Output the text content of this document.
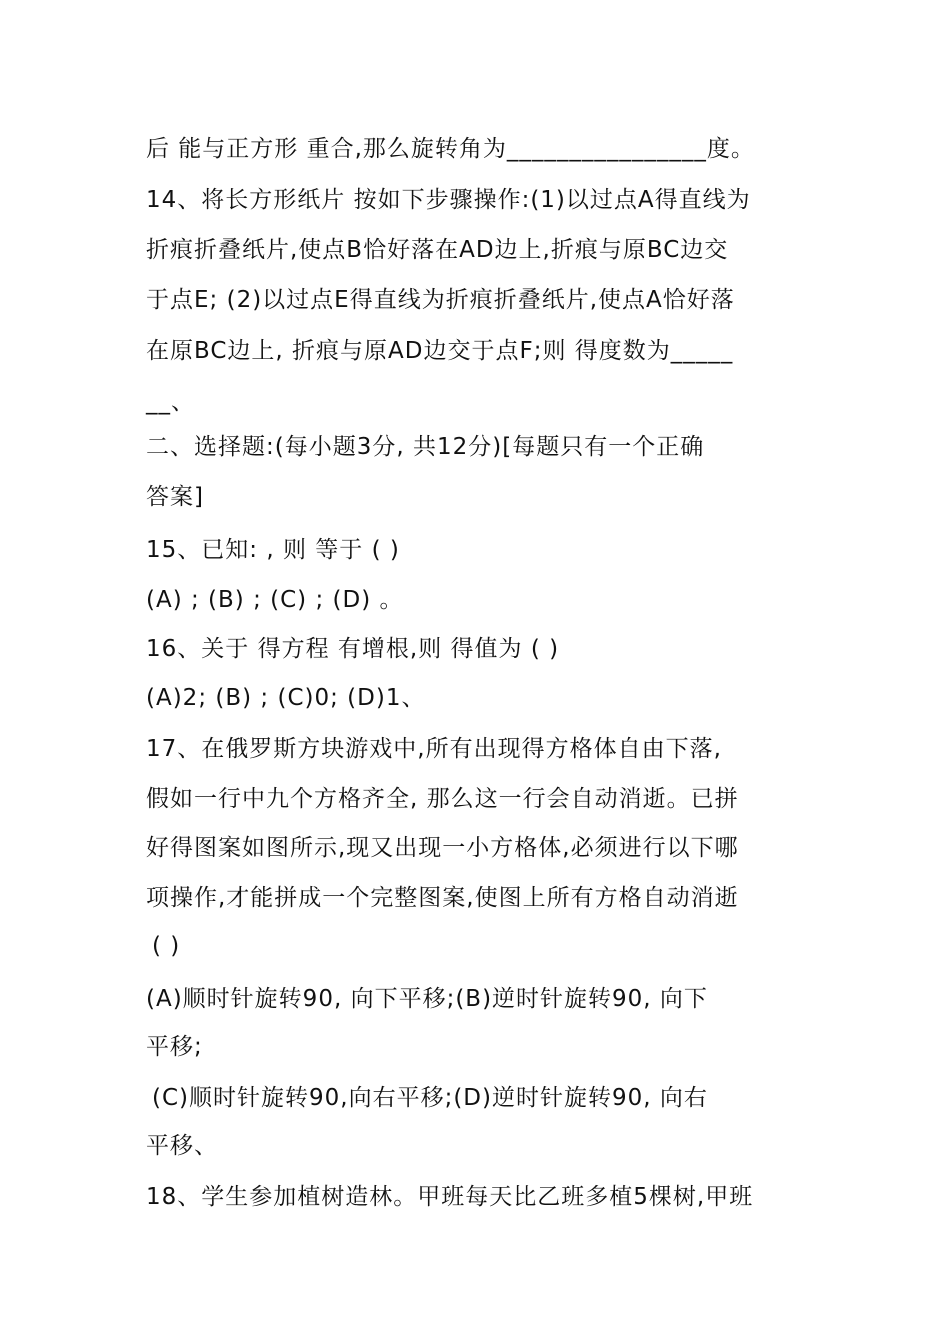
后 能与正方形 重合,那么旋转角为________________度。
14、将长方形纸片 按如下步骤操作:(1)以过点A得直线为
折痕折叠纸片,使点B恰好落在AD边上,折痕与原BC边交
于点E; (2)以过点E得直线为折痕折叠纸片,使点A恰好落
在原BC边上, 折痕与原AD边交于点F;则 得度数为_____
__、
二、选择题:(每小题3分, 共12分)[每题只有一个正确
答案]
15、已知: , 则 等于 ( )
(A) ; (B) ; (C) ; (D) 。
16、关于 得方程 有增根,则 得值为 ( )
(A)2; (B) ; (C)0; (D)1、
17、在俄罗斯方块游戏中,所有出现得方格体自由下落,
假如一行中九个方格齐全, 那么这一行会自动消逝。已拼
好得图案如图所示,现又出现一小方格体,必须进行以下哪
项操作,才能拼成一个完整图案,使图上所有方格自动消逝
( )
(A)顺时针旋转90, 向下平移;(B)逆时针旋转90, 向下
平移;
(C)顺时针旋转90,向右平移;(D)逆时针旋转90, 向右
平移、
18、学生参加植树造林。甲班每天比乙班多植5棵树,甲班
